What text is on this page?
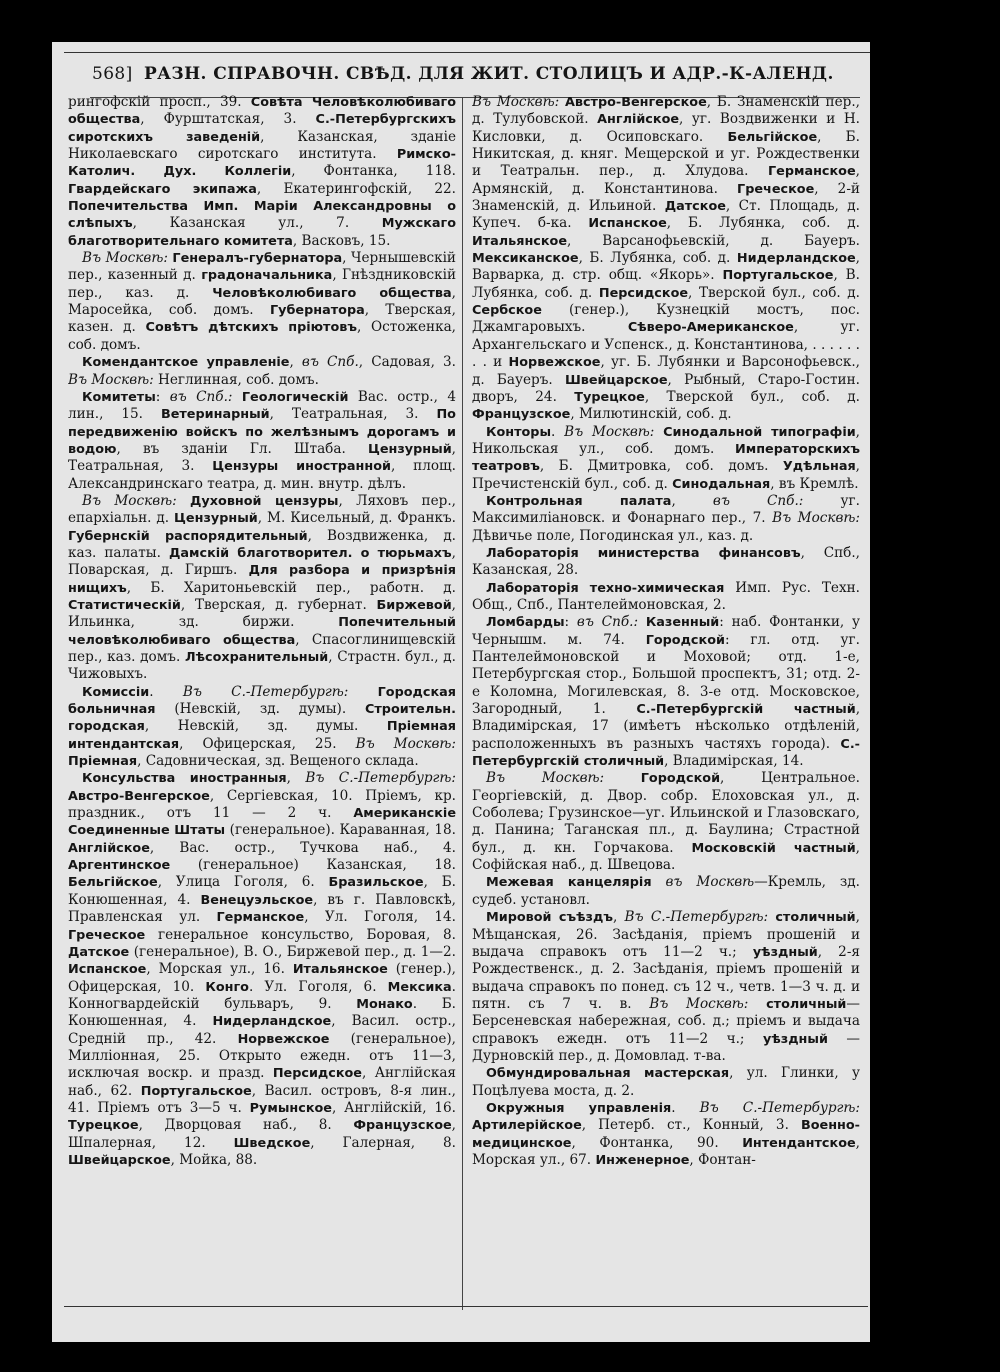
568] РАЗН. СПРАВОЧН. СВѢД. ДЛЯ ЖИТ. СТОЛИЦЪ И АДР.-К-АЛЕНД.

рингофскій просп., 39. Совѣта Человѣколюбиваго общества, Фурштатская, 3. С.-Петербургскихъ сиротскихъ заведеній, Казанская, зданіе Николаевскаго сиротскаго института. Римско-Католич. Дух. Коллегіи, Фонтанка, 118. Гвардейскаго экипажа, Екатерингофскій, 22. Попечительства Имп. Маріи Александровны о слѣпыхъ, Казанская ул., 7. Мужскаго благотворительнаго комитета, Васковъ, 15.

Въ Москвѣ: Генералъ-губернатора, Чернышевскій пер., казенный д. градоначальника, Гнѣздниковскій пер., каз. д. Человѣколюбиваго общества, Маросейка, соб. домъ. Губернатора, Тверская, казен. д. Совѣтъ дѣтскихъ пріютовъ, Остоженка, соб. домъ.

Комендантское управленіе, въ Спб., Садовая, 3. Въ Москвѣ: Неглинная, соб. домъ.

Комитеты: въ Спб.: Геологическій Вас. остр., 4 лин., 15. Ветеринарный, Театральная, 3. По передвиженію войскъ по желѣзнымъ дорогамъ и водою, въ зданіи Гл. Штаба. Цензурный, Театральная, 3. Цензуры иностранной, площ. Александринскаго театра, д. мин. внутр. дѣлъ.

Въ Москвѣ: Духовной цензуры, Ляховъ пер., епархіальн. д. Цензурный, М. Кисельный, д. Франкъ. Губернскій распорядительный, Воздвиженка, д. каз. палаты. Дамскій благотворител. о тюрьмахъ, Поварская, д. Гиршъ. Для разбора и призрѣнія нищихъ, Б. Харитоньевскій пер., работн. д. Статистическій, Тверская, д. губернат. Биржевой, Ильинка, зд. биржи. Попечительный человѣколюбиваго общества, Спасоглинищевскій пер., каз. домъ. Лѣсохранительный, Страстн. бул., д. Чижовыхъ.

Комиссіи. Въ С.-Петербургѣ: Городская больничная (Невскій, зд. думы). Строительн. городская, Невскій, зд. думы. Пріемная интендантская, Офицерская, 25. Въ Москвѣ: Пріемная, Садовническая, зд. Вещеного склада.

Консульства иностранныя, Въ С.-Петербургѣ: Австро-Венгерское, Сергіевская, 10. Пріемъ, кр. праздник., отъ 11 — 2 ч. Американскіе Соединенные Штаты (генеральное). Караванная, 18. Англійское, Вас. остр., Тучкова наб., 4. Аргентинское (генеральное) Казанская, 18. Бельгійское, Улица Гоголя, 6. Бразильское, Б. Конюшенная, 4. Венецуэльское, въ г. Павловскѣ, Правленская ул. Германское, Ул. Гоголя, 14. Греческое генеральное консульство, Боровая, 8. Датское (генеральное), В. О., Биржевой пер., д. 1—2. Испанское, Морская ул., 16. Итальянское (генер.), Офицерская, 10. Конго. Ул. Гоголя, 6. Мексика. Конногвардейскій бульваръ, 9. Монако. Б. Конюшенная, 4. Нидерландское, Васил. остр., Средній пр., 42. Норвежское (генеральное), Милліонная, 25. Открыто ежедн. отъ 11—3, исключая воскр. и празд. Персидское, Англійская наб., 62. Португальское, Васил. островъ, 8-я лин., 41. Пріемъ отъ 3—5 ч. Румынское, Англійскій, 16. Турецкое, Дворцовая наб., 8. Французское, Шпалерная, 12. Шведское, Галерная, 8. Швейцарское, Мойка, 88.

Въ Москвѣ: Австро-Венгерское, Б. Знаменскій пер., д. Тулубовской. Англійское, уг. Воздвиженки и Н. Кисловки, д. Осиповскаго. Бельгійское, Б. Никитская, д. княг. Мещерской и уг. Рождественки и Театральн. пер., д. Хлудова. Германское, Армянскій, д. Константинова. Греческое, 2-й Знаменскій, д. Ильиной. Датское, Ст. Площадь, д. Купеч. б-ка. Испанское, Б. Лубянка, соб. д. Итальянское, Варсанофьевскій, д. Бауеръ. Мексиканское, Б. Лубянка, соб. д. Нидерландское, Варварка, д. стр. общ. «Якорь». Португальское, В. Лубянка, соб. д. Персидское, Тверской бул., соб. д. Сербское (генер.), Кузнецкій мостъ, пос. Джамгаровыхъ. Сѣверо-Американское, уг. Архангельскаго и Успенск., д. Константинова, . . . . . . . . и Норвежское, уг. Б. Лубянки и Варсонофьевск., д. Бауеръ. Швейцарское, Рыбный, Старо-Гостин. дворъ, 24. Турецкое, Тверской бул., соб. д. Французское, Милютинскій, соб. д.

Конторы. Въ Москвѣ: Синодальной типографіи, Никольская ул., соб. домъ. Императорскихъ театровъ, Б. Дмитровка, соб. домъ. Удѣльная, Пречистенскій бул., соб. д. Синодальная, въ Кремлѣ.

Контрольная палата, въ Спб.: уг. Максимиліановск. и Фонарнаго пер., 7. Въ Москвѣ: Дѣвичье поле, Погодинская ул., каз. д.

Лабораторія министерства финансовъ, Спб., Казанская, 28.

Лабораторія техно-химическая Имп. Рус. Техн. Общ., Спб., Пантелеймоновская, 2.

Ломбарды: въ Спб.: Казенный: наб. Фонтанки, у Чернышм. м. 74. Городской: гл. отд. уг. Пантелеймоновской и Моховой; отд. 1-е, Петербургская стор., Большой проспектъ, 31; отд. 2-е Коломна, Могилевская, 8. 3-е отд. Московское, Загородный, 1. С.-Петербургскій частный, Владимірская, 17 (имѣетъ нѣсколько отдѣленій, расположенныхъ въ разныхъ частяхъ города). С.-Петербургскій столичный, Владимірская, 14.

Въ Москвѣ: Городской, Центральное. Георгіевскій, д. Двор. собр. Елоховская ул., д. Соболева; Грузинское—уг. Ильинской и Глазовскаго, д. Панина; Таганская пл., д. Баулина; Страстной бул., д. кн. Горчакова. Московскій частный, Софійская наб., д. Швецова.

Межевая канцелярія въ Москвѣ—Кремль, зд. судеб. установл.

Мировой съѣздъ, Въ С.-Петербургѣ: столичный, Мѣщанская, 26. Засѣданія, пріемъ прошеній и выдача справокъ отъ 11—2 ч.; уѣздный, 2-я Рождественск., д. 2. Засѣданія, пріемъ прошеній и выдача справокъ по понед. съ 12 ч., четв. 1—3 ч. д. и пятн. съ 7 ч. в. Въ Москвѣ: столичный—Берсеневская набережная, соб. д.; пріемъ и выдача справокъ ежедн. отъ 11—2 ч.; уѣздный — Дурновскій пер., д. Домовлад. т-ва.

Обмундировальная мастерская, ул. Глинки, у Поцѣлуева моста, д. 2.

Окружныя управленія. Въ С.-Петербургѣ: Артилерійское, Петерб. ст., Конный, 3. Военно-медицинское, Фонтанка, 90. Интендантское, Морская ул., 67. Инженерное, Фонтан-
